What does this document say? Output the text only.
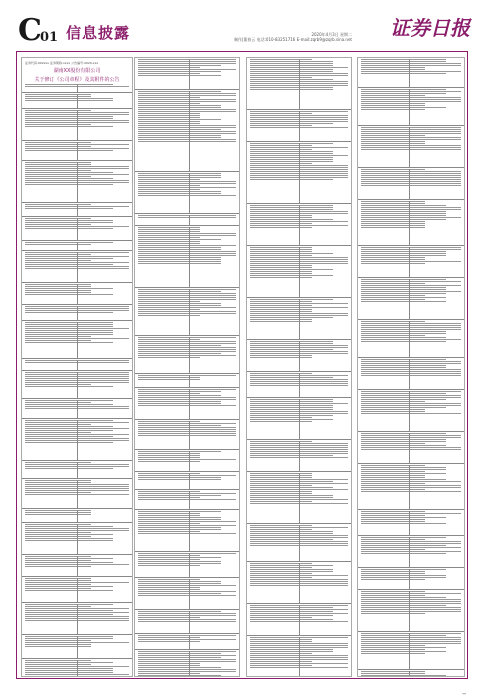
C
01 信息披露	2020年4月3日 星期二
制作|董春云 电话:010-83251716 E-mail:zqrb9@zqrb.sina.net 证券日报
证券代码:002xxx 证券简称:xxxx 公告编号:2020-xxx
湖南XX股份有限公司
关于修订《公司章程》及其附件的公告
━━
